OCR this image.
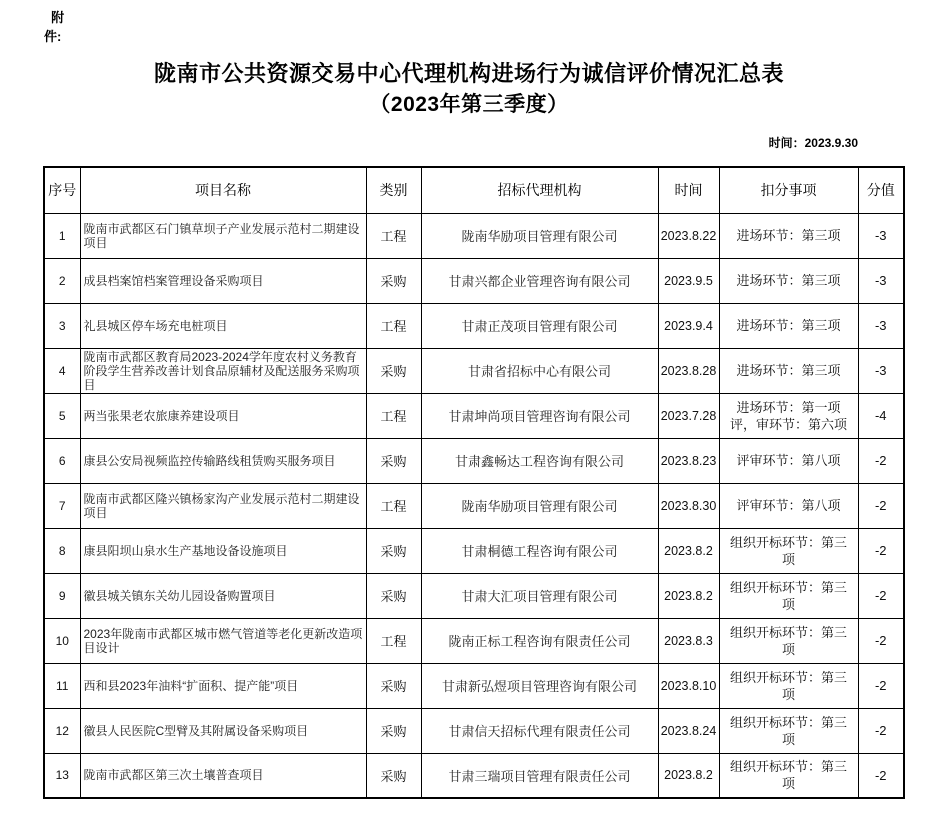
附件:
陇南市公共资源交易中心代理机构进场行为诚信评价情况汇总表
（2023年第三季度）
时间：2023.9.30
序号	项目名称	类别	招标代理机构	时间	扣分事项	分值
1	陇南市武都区石门镇草坝子产业发展示范村二期建设项目	工程	陇南华励项目管理有限公司	2023.8.22	进场环节：第三项	-3
2	成县档案馆档案管理设备采购项目	采购	甘肃兴都企业管理咨询有限公司	2023.9.5	进场环节：第三项	-3
3	礼县城区停车场充电桩项目	工程	甘肃正茂项目管理有限公司	2023.9.4	进场环节：第三项	-3
4	陇南市武都区教育局2023-2024学年度农村义务教育阶段学生营养改善计划食品原辅材及配送服务采购项目	采购	甘肃省招标中心有限公司	2023.8.28	进场环节：第三项	-3
5	两当张果老农旅康养建设项目	工程	甘肃坤尚项目管理咨询有限公司	2023.7.28	进场环节：第一项评，审环节：第六项	-4
6	康县公安局视频监控传输路线租赁购买服务项目	采购	甘肃鑫畅达工程咨询有限公司	2023.8.23	评审环节：第八项	-2
7	陇南市武都区隆兴镇杨家沟产业发展示范村二期建设项目	工程	陇南华励项目管理有限公司	2023.8.30	评审环节：第八项	-2
8	康县阳坝山泉水生产基地设备设施项目	采购	甘肃桐德工程咨询有限公司	2023.8.2	组织开标环节：第三项	-2
9	徽县城关镇东关幼儿园设备购置项目	采购	甘肃大汇项目管理有限公司	2023.8.2	组织开标环节：第三项	-2
10	2023年陇南市武都区城市燃气管道等老化更新改造项目设计	工程	陇南正标工程咨询有限责任公司	2023.8.3	组织开标环节：第三项	-2
11	西和县2023年油料“扩面积、提产能”项目	采购	甘肃新弘煜项目管理咨询有限公司	2023.8.10	组织开标环节：第三项	-2
12	徽县人民医院C型臂及其附属设备采购项目	采购	甘肃信天招标代理有限责任公司	2023.8.24	组织开标环节：第三项	-2
13	陇南市武都区第三次土壤普查项目	采购	甘肃三瑞项目管理有限责任公司	2023.8.2	组织开标环节：第三项	-2
